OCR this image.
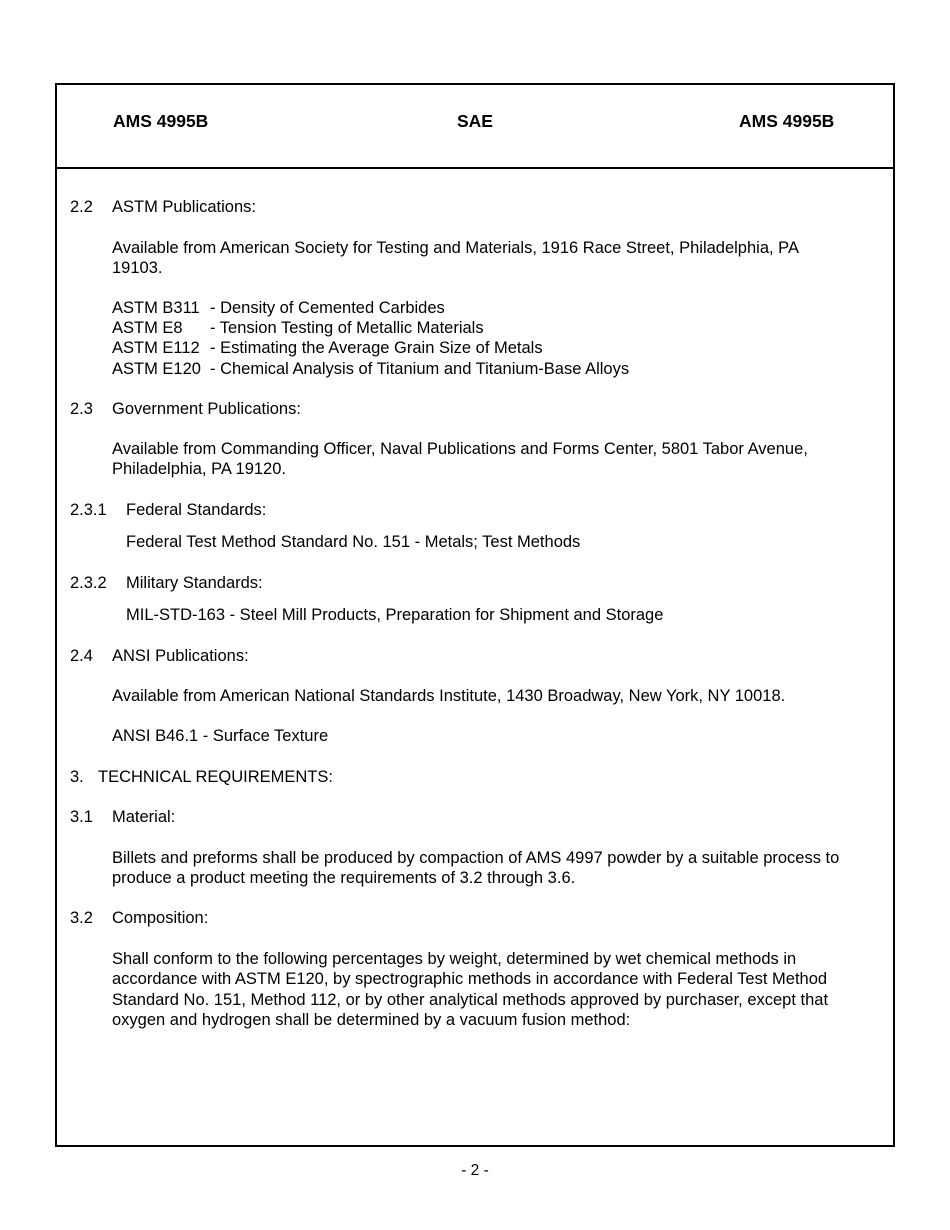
AMS 4995B	SAE	AMS 4995B
2.2 ASTM Publications:
Available from American Society for Testing and Materials, 1916 Race Street, Philadelphia, PA 19103.
ASTM B311 - Density of Cemented Carbides
ASTM E8 - Tension Testing of Metallic Materials
ASTM E112 - Estimating the Average Grain Size of Metals
ASTM E120 - Chemical Analysis of Titanium and Titanium-Base Alloys
2.3 Government Publications:
Available from Commanding Officer, Naval Publications and Forms Center, 5801 Tabor Avenue, Philadelphia, PA 19120.
2.3.1 Federal Standards:
Federal Test Method Standard No. 151 - Metals; Test Methods
2.3.2 Military Standards:
MIL-STD-163 - Steel Mill Products, Preparation for Shipment and Storage
2.4 ANSI Publications:
Available from American National Standards Institute, 1430 Broadway, New York, NY 10018.
ANSI B46.1 - Surface Texture
3. TECHNICAL REQUIREMENTS:
3.1 Material:
Billets and preforms shall be produced by compaction of AMS 4997 powder by a suitable process to produce a product meeting the requirements of 3.2 through 3.6.
3.2 Composition:
Shall conform to the following percentages by weight, determined by wet chemical methods in accordance with ASTM E120, by spectrographic methods in accordance with Federal Test Method Standard No. 151, Method 112, or by other analytical methods approved by purchaser, except that oxygen and hydrogen shall be determined by a vacuum fusion method:
- 2 -
